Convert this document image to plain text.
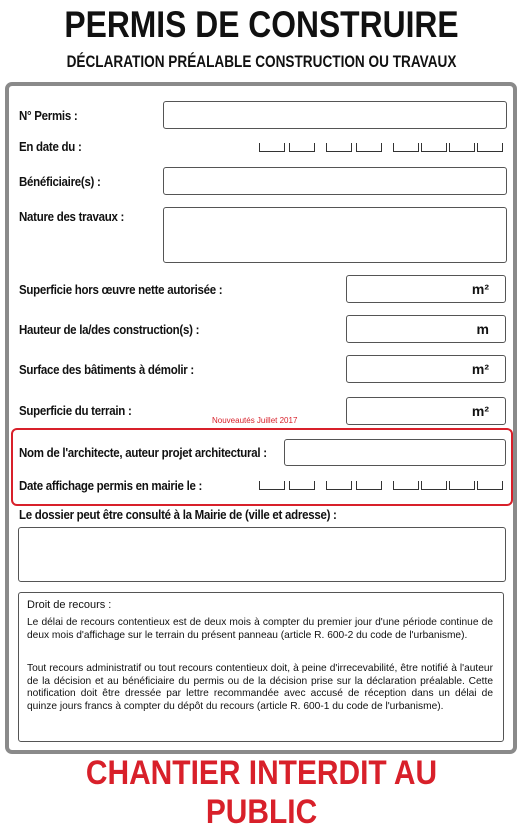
PERMIS DE CONSTRUIRE
DÉCLARATION PRÉALABLE CONSTRUCTION OU TRAVAUX
N° Permis :
En date du :
Bénéficiaire(s) :
Nature des travaux :
Superficie hors œuvre nette autorisée :	m²
Hauteur de la/des construction(s) :	m
Surface des bâtiments à démolir :	m²
Superficie du terrain :	m²
Nouveautés Juillet 2017
Nom de l'architecte, auteur projet architectural :
Date affichage permis en mairie le :
Le dossier peut être consulté à la Mairie de (ville et adresse) :
Droit de recours :
Le délai de recours contentieux est de deux mois à compter du premier jour d'une période continue de deux mois d'affichage sur le terrain du présent panneau (article R. 600-2 du code de l'urbanisme).
Tout recours administratif ou tout recours contentieux doit, à peine d'irrecevabilité, être notifié à l'auteur de la décision et au bénéficiaire du permis ou de la décision prise sur la déclaration préalable. Cette notification doit être dressée par lettre recommandée avec accusé de réception dans un délai de quinze jours francs à compter du dépôt du recours (article R. 600-1 du code de l'urbanisme).
CHANTIER INTERDIT AU PUBLIC
